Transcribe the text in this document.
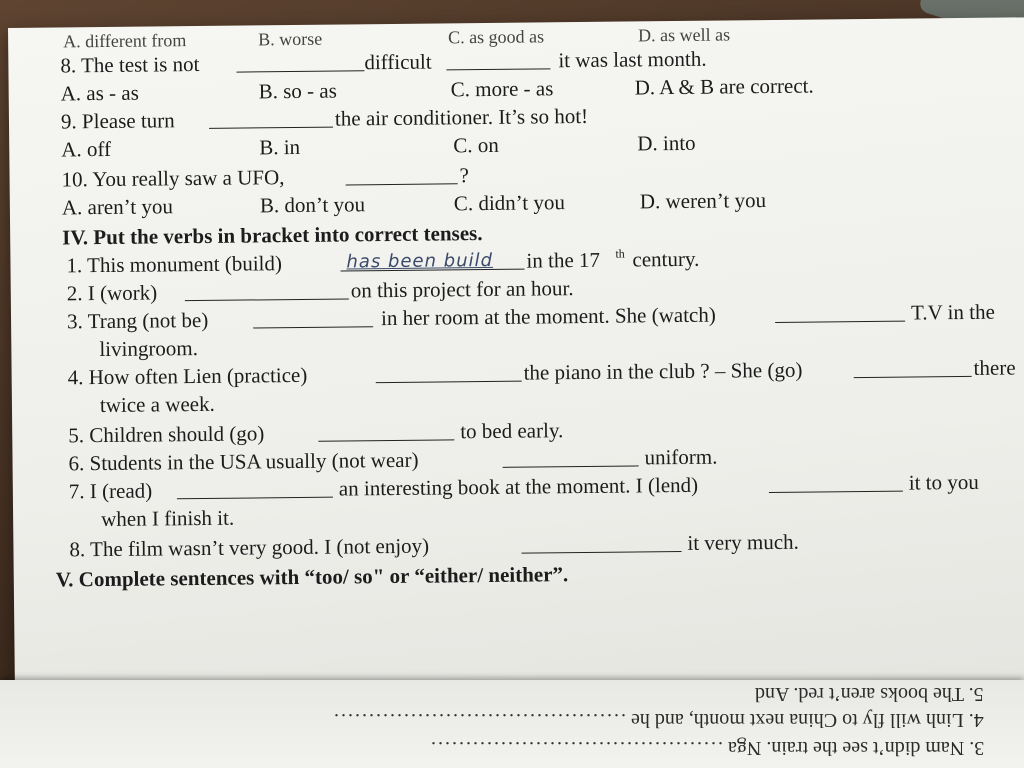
A. different from	B. worse	C. as good as	D. as well as
8. The test is not	difficult	it was last month.
A. as - as	B. so - as	C. more - as	D. A & B are correct.
9. Please turn	the air conditioner. It’s so hot!
A. off	B. in	C. on	D. into
10. You really saw a UFO,	?
A. aren’t you	B. don’t you	C. didn’t you	D. weren’t you
IV. Put the verbs in bracket into correct tenses.
1. This monument (build)	has been build in the 17 th century.
2. I (work)	on this project for an hour.
3. Trang (not be)	in her room at the moment. She (watch)	T.V in the
livingroom.
4. How often Lien (practice)	the piano in the club ? – She (go)	there
twice a week.
5. Children should (go)	to bed early.
6. Students in the USA usually (not wear)	uniform.
7. I (read)	an interesting book at the moment. I (lend)	it to you
when I finish it.
8. The film wasn’t very good. I (not enjoy)	it very much.
V. Complete sentences with “too/ so" or “either/ neither”.
5. The books aren’t red. And
4. Linh will fly to China next month, and he ..........................................
3. Nam didn’t see the train. Nga ..........................................
